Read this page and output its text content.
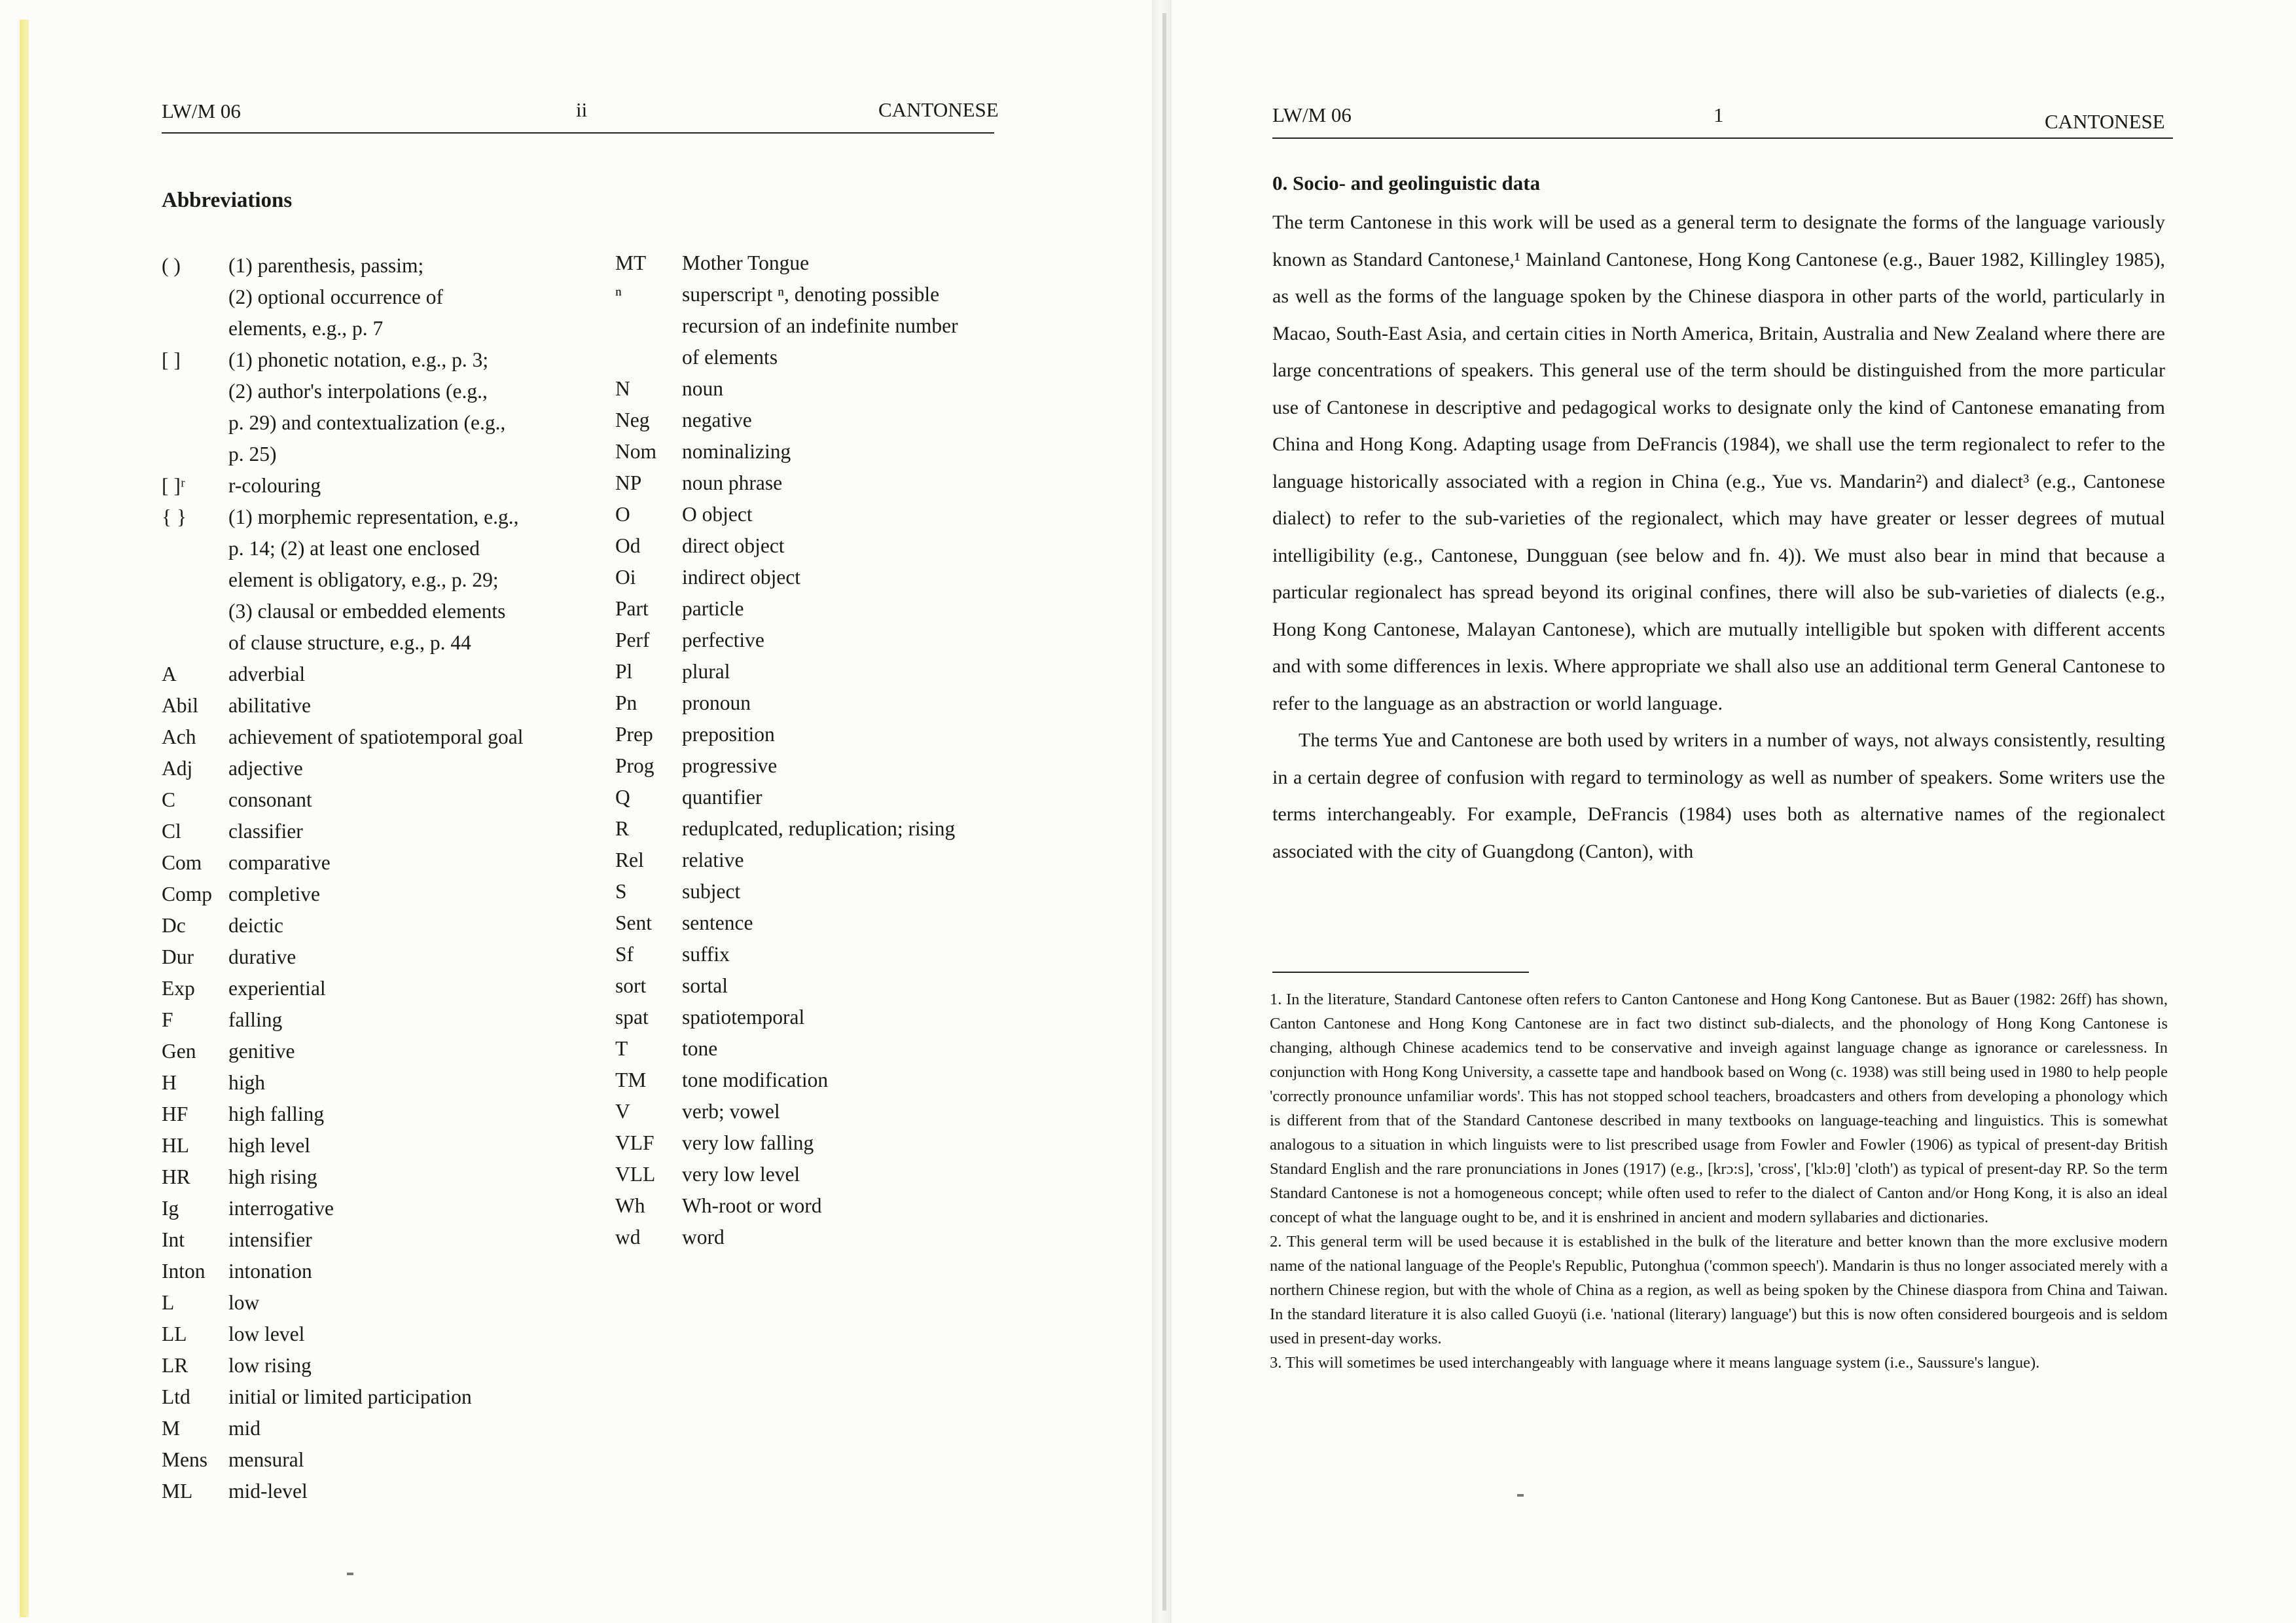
LW/M 06	ii	CANTONESE
Abbreviations
( )	(1) parenthesis, passim;
(2) optional occurrence of
elements, e.g., p. 7
[ ]	(1) phonetic notation, e.g., p. 3;
(2) author's interpolations (e.g.,
p. 29) and contextualization (e.g.,
p. 25)
[ ]ʳ	r-colouring
{ }	(1) morphemic representation, e.g.,
p. 14; (2) at least one enclosed
element is obligatory, e.g., p. 29;
(3) clausal or embedded elements
of clause structure, e.g., p. 44
A	adverbial
Abil	abilitative
Ach	achievement of spatiotemporal goal
Adj	adjective
C	consonant
Cl	classifier
Com	comparative
Comp completive
Dc	deictic
Dur	durative
Exp	experiential
F	falling
Gen	genitive
H	high
HF	high falling
HL	high level
HR	high rising
Ig	interrogative
Int	intensifier
Inton	intonation
L	low
LL	low level
LR	low rising
Ltd	initial or limited participation
M	mid
Mens	mensural
ML	mid-level
MT	Mother Tongue
ⁿ	superscript ⁿ, denoting possible
recursion of an indefinite number
of elements
N	noun
Neg	negative
Nom	nominalizing
NP	noun phrase
O	O object
Od	direct object
Oi	indirect object
Part	particle
Perf	perfective
Pl	plural
Pn	pronoun
Prep	preposition
Prog	progressive
Q	quantifier
R	reduplcated, reduplication; rising
Rel	relative
S	subject
Sent	sentence
Sf	suffix
sort	sortal
spat	spatiotemporal
T	tone
TM	tone modification
V	verb; vowel
VLF	very low falling
VLL	very low level
Wh	Wh-root or word
wd	word
LW/M 06	1	CANTONESE
0. Socio- and geolinguistic data

The term Cantonese in this work will be used as a general term to designate the forms of the language variously known as Standard Cantonese,¹ Mainland Cantonese, Hong Kong Cantonese (e.g., Bauer 1982, Killingley 1985), as well as the forms of the language spoken by the Chinese diaspora in other parts of the world, particularly in Macao, South-East Asia, and certain cities in North America, Britain, Australia and New Zealand where there are large concentrations of speakers. This general use of the term should be distinguished from the more particular use of Cantonese in descriptive and pedagogical works to designate only the kind of Cantonese emanating from China and Hong Kong. Adapting usage from DeFrancis (1984), we shall use the term regionalect to refer to the language historically associated with a region in China (e.g., Yue vs. Mandarin²) and dialect³ (e.g., Cantonese dialect) to refer to the sub-varieties of the regionalect, which may have greater or lesser degrees of mutual intelligibility (e.g., Cantonese, Dungguan (see below and fn. 4)). We must also bear in mind that because a particular regionalect has spread beyond its original confines, there will also be sub-varieties of dialects (e.g., Hong Kong Cantonese, Malayan Cantonese), which are mutually intelligible but spoken with different accents and with some differences in lexis. Where appropriate we shall also use an additional term General Cantonese to refer to the language as an abstraction or world language.

The terms Yue and Cantonese are both used by writers in a number of ways, not always consistently, resulting in a certain degree of confusion with regard to terminology as well as number of speakers. Some writers use the terms interchangeably. For example, DeFrancis (1984) uses both as alternative names of the regionalect associated with the city of Guangdong (Canton), with

1. In the literature, Standard Cantonese often refers to Canton Cantonese and Hong Kong Cantonese. But as Bauer (1982: 26ff) has shown, Canton Cantonese and Hong Kong Cantonese are in fact two distinct sub-dialects, and the phonology of Hong Kong Cantonese is changing, although Chinese academics tend to be conservative and inveigh against language change as ignorance or carelessness. In conjunction with Hong Kong University, a cassette tape and handbook based on Wong (c. 1938) was still being used in 1980 to help people 'correctly pronounce unfamiliar words'. This has not stopped school teachers, broadcasters and others from developing a phonology which is different from that of the Standard Cantonese described in many textbooks on language-teaching and linguistics. This is somewhat analogous to a situation in which linguists were to list prescribed usage from Fowler and Fowler (1906) as typical of present-day British Standard English and the rare pronunciations in Jones (1917) (e.g., [krɔ:s], 'cross', ['klɔ:θ] 'cloth') as typical of present-day RP. So the term Standard Cantonese is not a homogeneous concept; while often used to refer to the dialect of Canton and/or Hong Kong, it is also an ideal concept of what the language ought to be, and it is enshrined in ancient and modern syllabaries and dictionaries.

2. This general term will be used because it is established in the bulk of the literature and better known than the more exclusive modern name of the national language of the People's Republic, Putonghua ('common speech'). Mandarin is thus no longer associated merely with a northern Chinese region, but with the whole of China as a region, as well as being spoken by the Chinese diaspora from China and Taiwan. In the standard literature it is also called Guoyü (i.e. 'national (literary) language') but this is now often considered bourgeois and is seldom used in present-day works.

3. This will sometimes be used interchangeably with language where it means language system (i.e., Saussure's langue).
